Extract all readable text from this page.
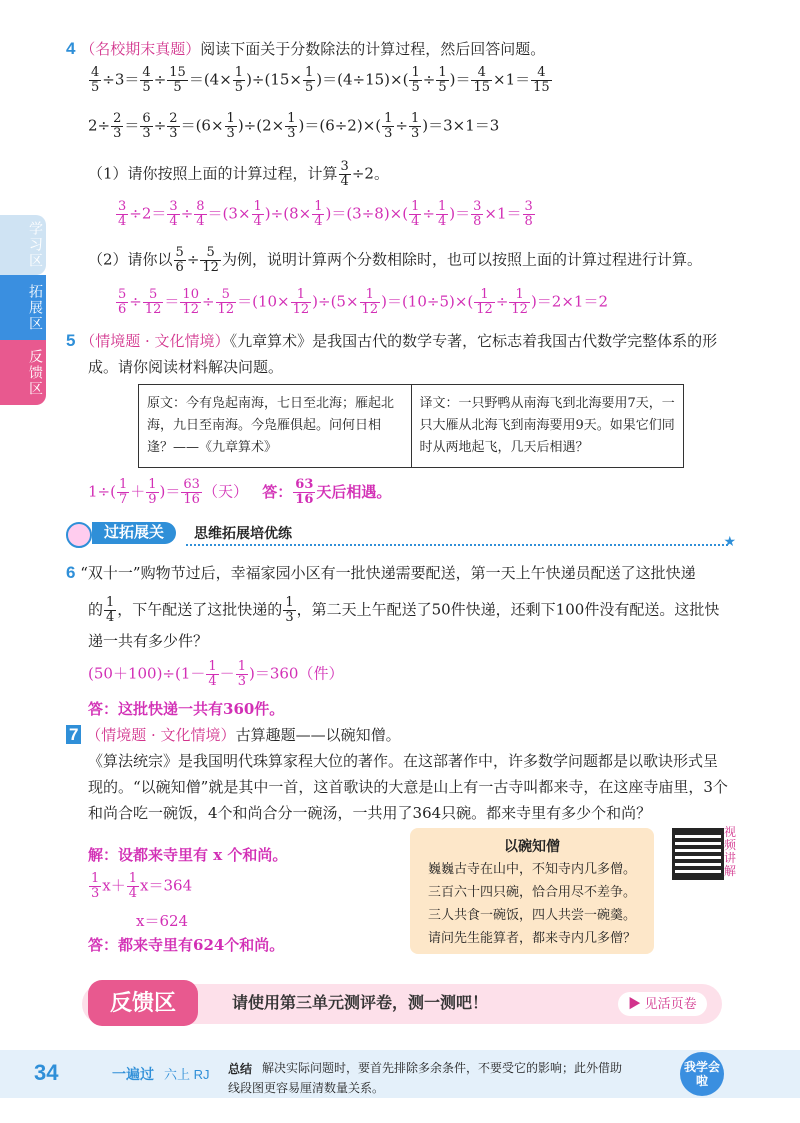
学习区
拓展区
反馈区
4 （名校期末真题）阅读下面关于分数除法的计算过程，然后回答问题。
$\frac{4}{5} \div 3= \frac{4}{5} \div \frac{15}{5} =(4\times \frac{1}{5} )\div(15\times \frac{1}{5} )=(4\div 15)\times( \frac{1}{5} \div \frac{1}{5}$ )＝ $\frac{4}{15} \times 1= \frac{4}{15}$
$2\div \frac{2}{3} = \frac{6}{3} \div \frac{2}{3} =(6\times \frac{1}{3} )\div(2\times \frac{1}{3} )=(6\div 2)\times( \frac{1}{3} \div \frac{1}{3} )=3\times 1=3$
（1）请你按照上面的计算过程，计算 $\frac{3}{4} \div 2$。
$\frac{3}{4} \div 2= \frac{3}{4} \div \frac{8}{4} =(3\times \frac{1}{4} )\div(8\times \frac{1}{4} )=(3\div 8)\times( \frac{1}{4} \div \frac{1}{4}$ )＝ $\frac{3}{8} \times 1= \frac{3}{8}$
（2）请你以 $\frac{5}{6} \div \frac{5}{12}$ 为例，说明计算两个分数相除时，也可以按照上面的计算过程进行计算。
$\frac{5}{6} \div \frac{5}{12} = \frac{10}{12} \div \frac{5}{12} =(10\times \frac{1}{12} )\div(5\times \frac{1}{12} )=(10\div 5)\times( \frac{1}{12} \div \frac{1}{12} )=2\times 1=2$
5 （情境题 · 文化情境）《九章算术》是我国古代的数学专著，它标志着我国古代数学完整体系的形
成。请你阅读材料解决问题。
原文：今有凫起南海，七日至北海；雁起北海，九日至南海。今凫雁俱起。问何日相逢？——《九章算术》	译文：一只野鸭从南海飞到北海要用7天，一只大雁从北海飞到南海要用9天。如果它们同时从两地起飞，几天后相遇？
$1\div( \frac{1}{7} + \frac{1}{9}$ )＝ $\frac{63}{16}$ （天） 答： $\frac{63}{16}$ 天后相遇。
过拓展关	思维拓展培优练
★
6 “双十一”购物节过后，幸福家园小区有一批快递需要配送，第一天上午快递员配送了这批快递
的 $\frac{1}{4}$ ，下午配送了这批快递的 $\frac{1}{3}$ ，第二天上午配送了50件快递，还剩下100件没有配送。这批快
递一共有多少件？
$(50+100)\div(1- \frac{1}{4} - \frac{1}{3} )=360$（件）
答：这批快递一共有360件。
7 （情境题 · 文化情境）古算趣题——以碗知僧。
《算法统宗》是我国明代珠算家程大位的著作。在这部著作中，许多数学问题都是以歌诀形式呈
现的。“以碗知僧”就是其中一首，这首歌诀的大意是山上有一古寺叫都来寺，在这座寺庙里，3个
和尚合吃一碗饭，4个和尚合分一碗汤，一共用了364只碗。都来寺里有多少个和尚？
解：设都来寺里有 x 个和尚。
$\frac{1}{3} x+ \frac{1}{4} x=364$
x＝624
答：都来寺里有624个和尚。
以碗知僧
巍巍古寺在山中，不知寺内几多僧。
三百六十四只碗，恰合用尽不差争。
三人共食一碗饭，四人共尝一碗羹。
请问先生能算者，都来寺内几多僧？
视频讲解
反馈区	请使用第三单元测评卷，测一测吧！	▶ 见活页卷
34	一遍过 六上 RJ 总结 解决实际问题时，要首先排除多余条件，不要受它的影响；此外借助
线段图更容易厘清数量关系。
我学会啦
